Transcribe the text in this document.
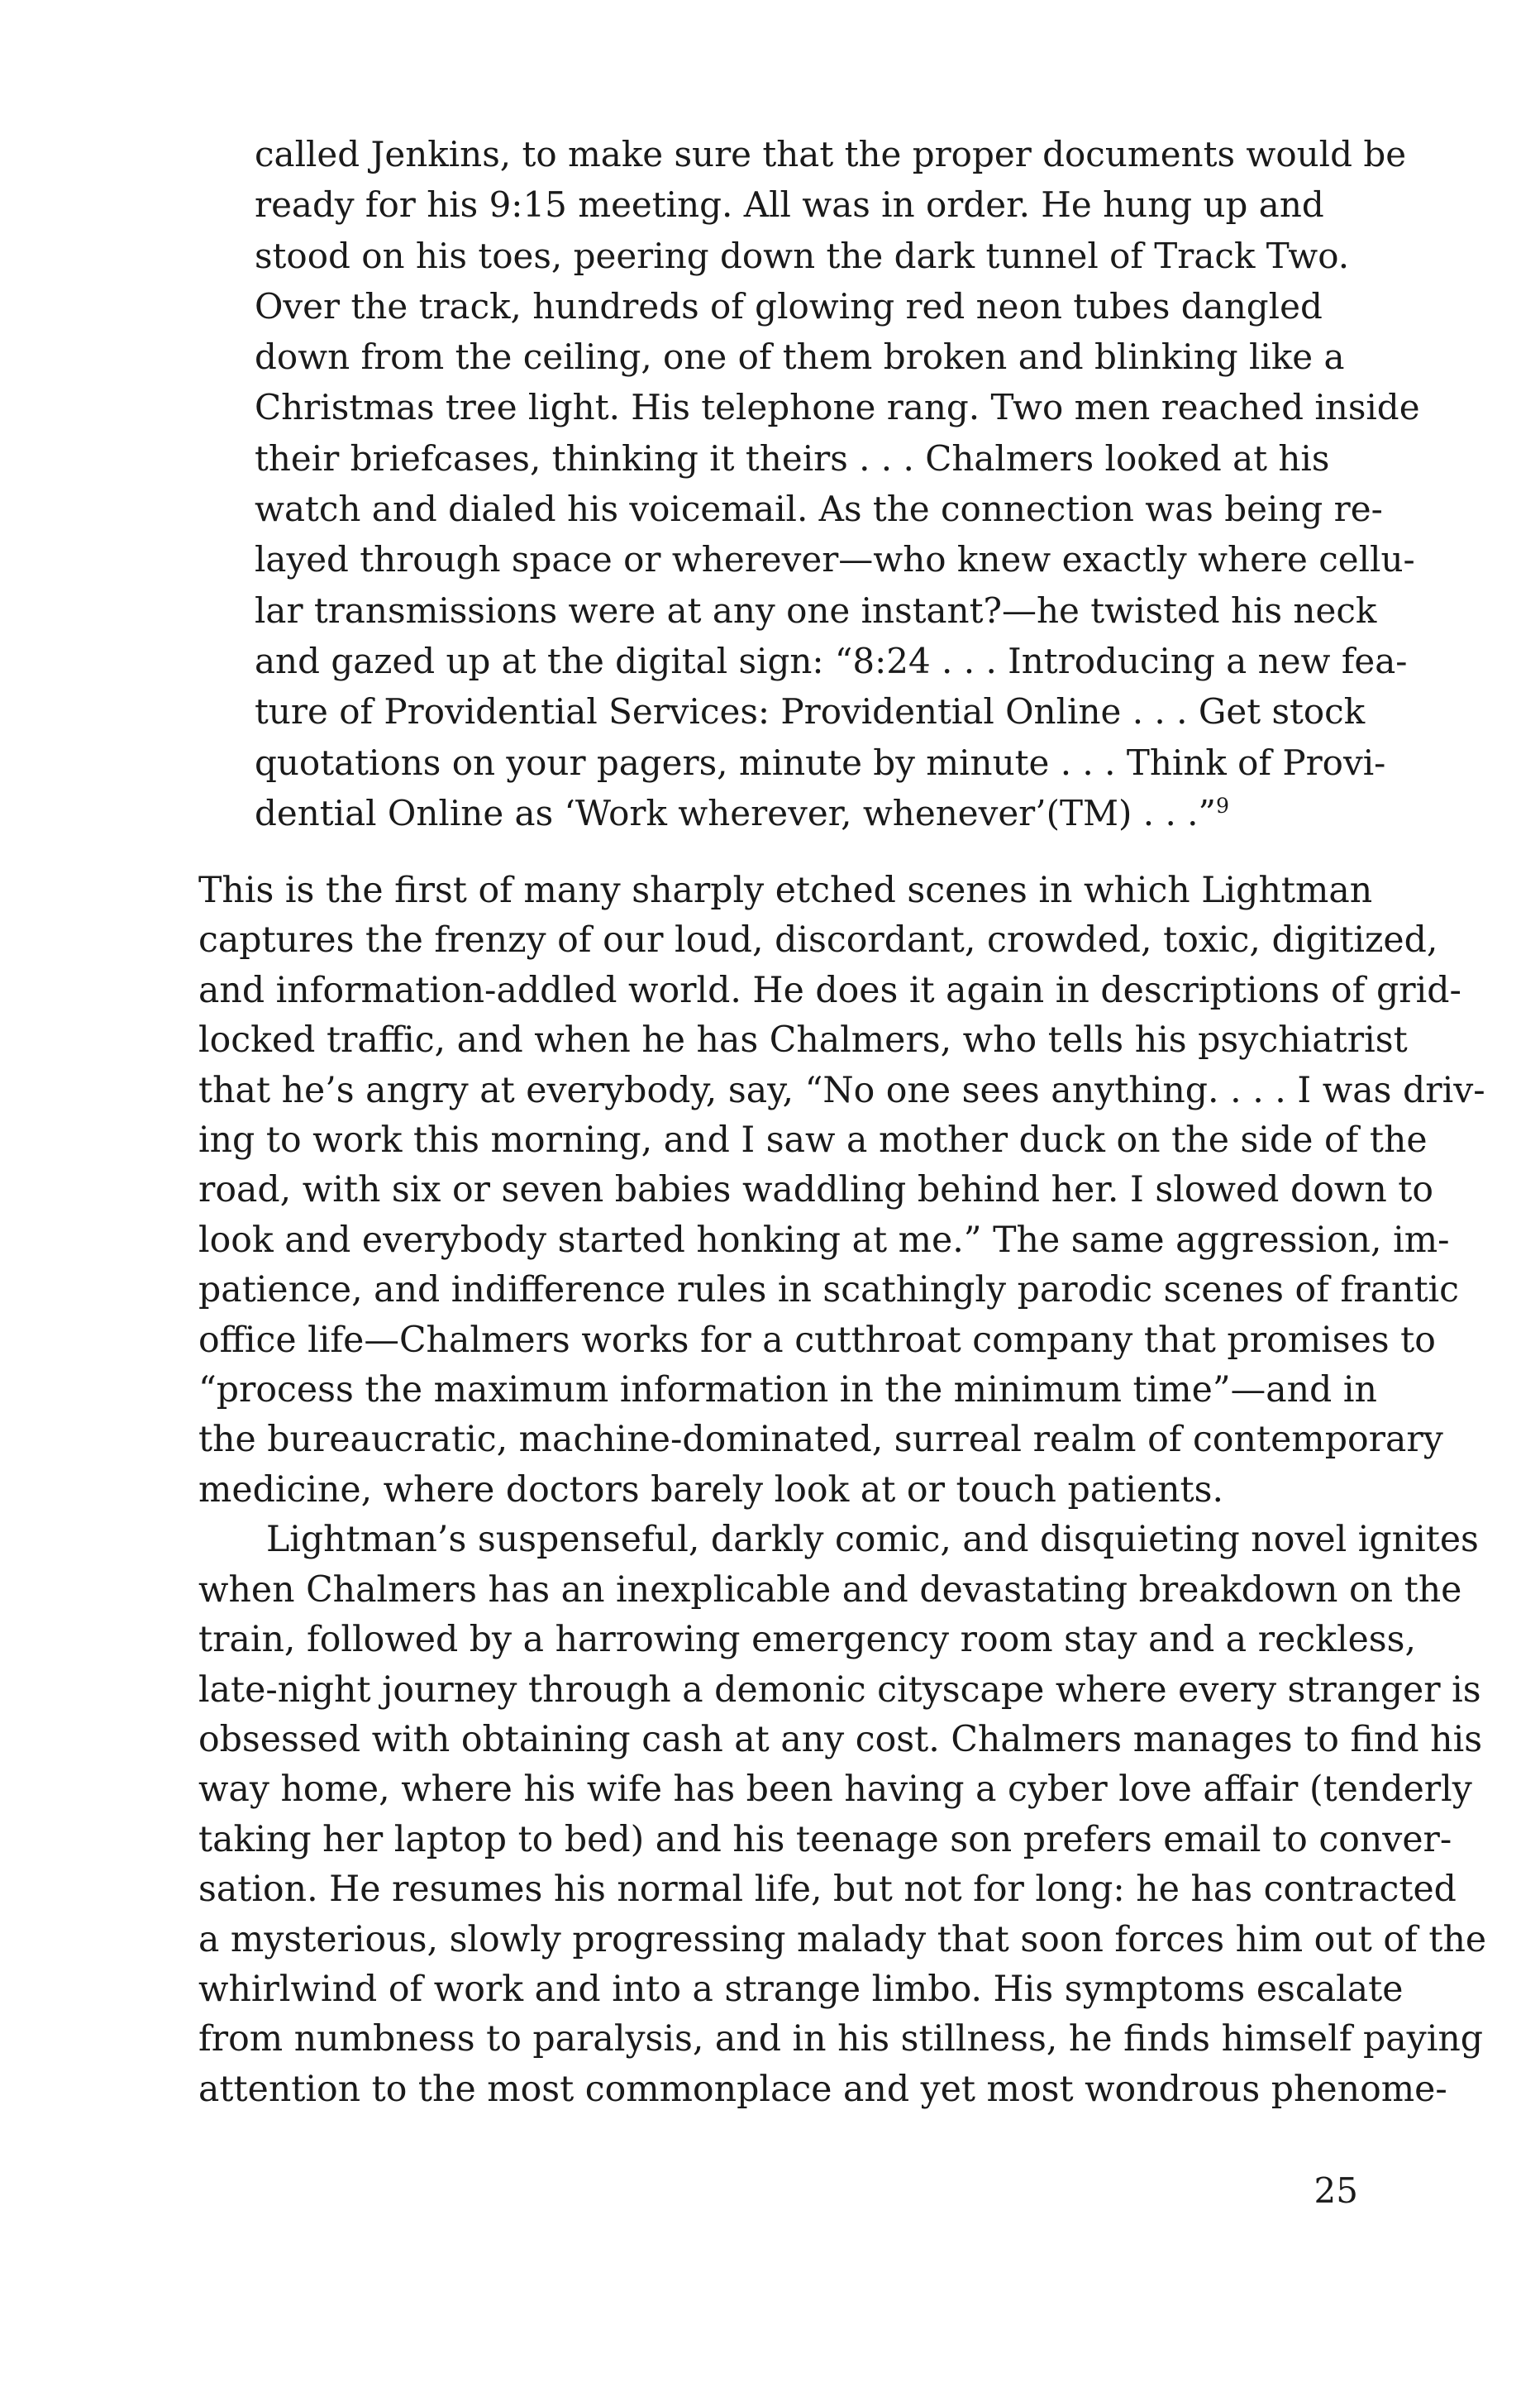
called Jenkins, to make sure that the proper documents would be
ready for his 9:15 meeting. All was in order. He hung up and
stood on his toes, peering down the dark tunnel of Track Two.
Over the track, hundreds of glowing red neon tubes dangled
down from the ceiling, one of them broken and blinking like a
Christmas tree light. His telephone rang. Two men reached inside
their briefcases, thinking it theirs . . . Chalmers looked at his
watch and dialed his voicemail. As the connection was being re-
layed through space or wherever—who knew exactly where cellu-
lar transmissions were at any one instant?—he twisted his neck
and gazed up at the digital sign: “8:24 . . . Introducing a new fea-
ture of Providential Services: Providential Online . . . Get stock
quotations on your pagers, minute by minute . . . Think of Provi-
dential Online as ‘Work wherever, whenever’(TM) . . .”$^9$
This is the first of many sharply etched scenes in which Lightman
captures the frenzy of our loud, discordant, crowded, toxic, digitized,
and information-addled world. He does it again in descriptions of grid-
locked traffic, and when he has Chalmers, who tells his psychiatrist
that he’s angry at everybody, say, “No one sees anything. . . . I was driv-
ing to work this morning, and I saw a mother duck on the side of the
road, with six or seven babies waddling behind her. I slowed down to
look and everybody started honking at me.” The same aggression, im-
patience, and indifference rules in scathingly parodic scenes of frantic
office life—Chalmers works for a cutthroat company that promises to
“process the maximum information in the minimum time”—and in
the bureaucratic, machine-dominated, surreal realm of contemporary
medicine, where doctors barely look at or touch patients.
Lightman’s suspenseful, darkly comic, and disquieting novel ignites
when Chalmers has an inexplicable and devastating breakdown on the
train, followed by a harrowing emergency room stay and a reckless,
late-night journey through a demonic cityscape where every stranger is
obsessed with obtaining cash at any cost. Chalmers manages to find his
way home, where his wife has been having a cyber love affair (tenderly
taking her laptop to bed) and his teenage son prefers email to conver-
sation. He resumes his normal life, but not for long: he has contracted
a mysterious, slowly progressing malady that soon forces him out of the
whirlwind of work and into a strange limbo. His symptoms escalate
from numbness to paralysis, and in his stillness, he finds himself paying
attention to the most commonplace and yet most wondrous phenome-
25
